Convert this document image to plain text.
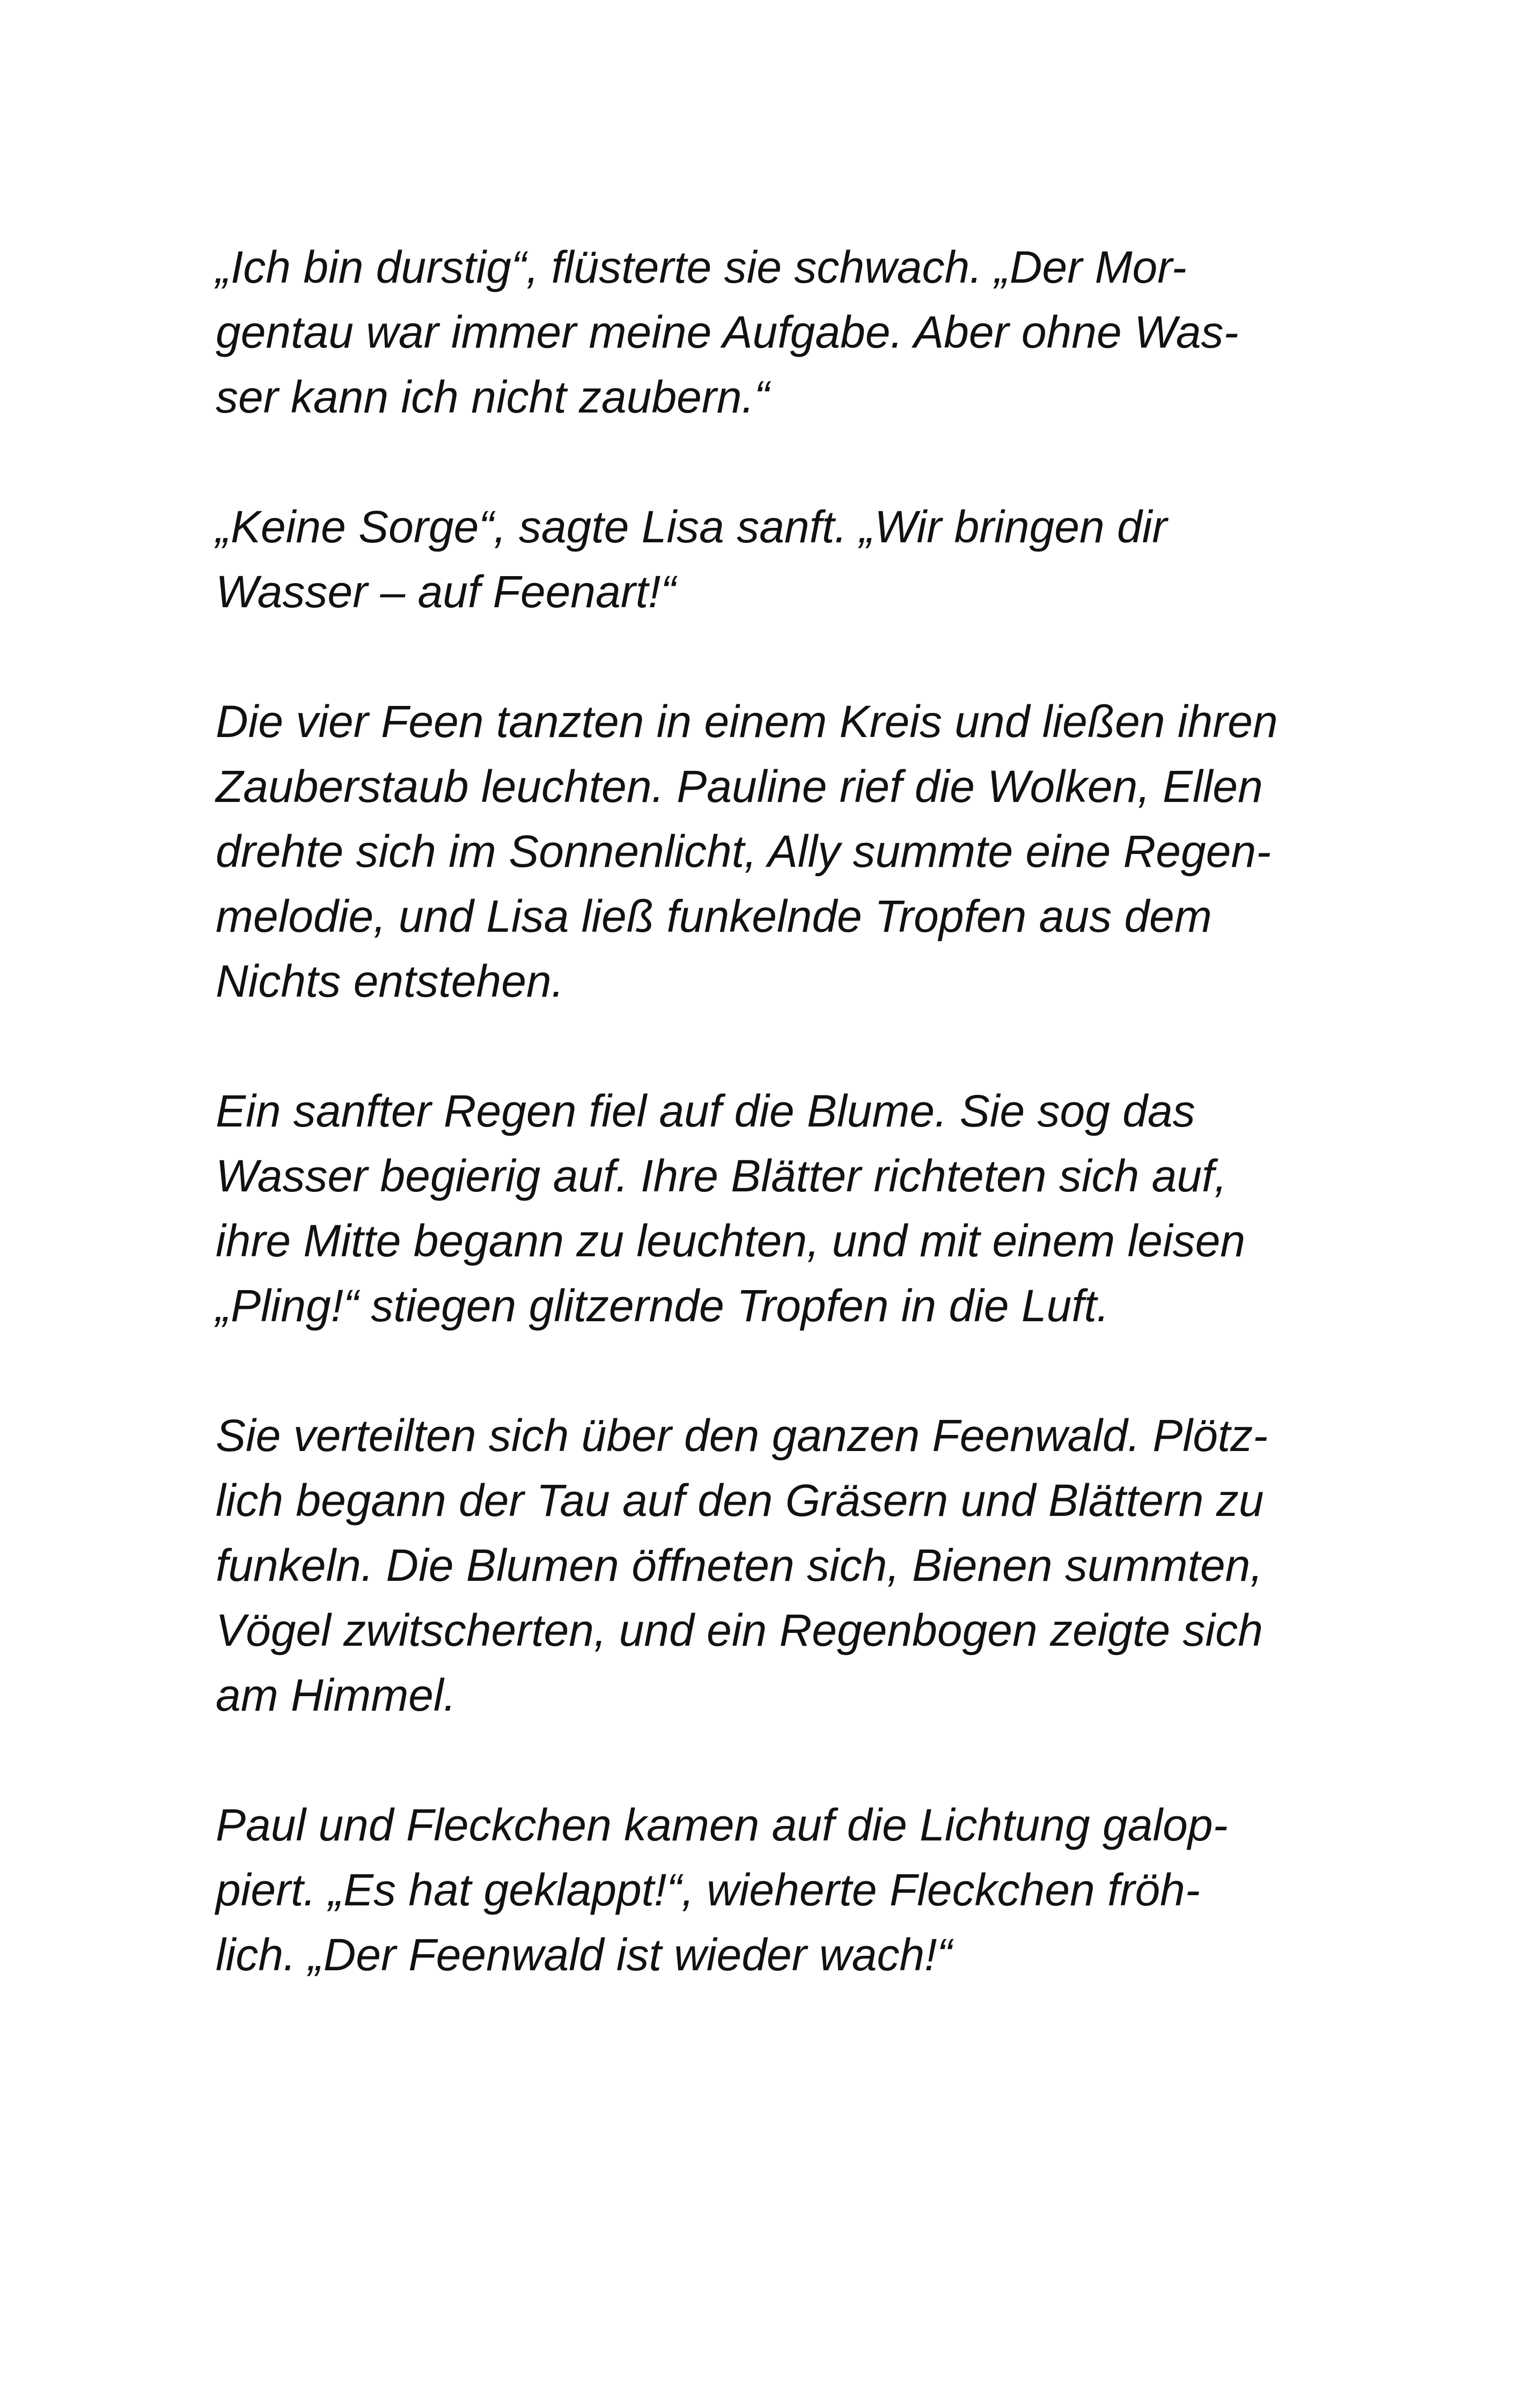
„Ich bin durstig“, flüsterte sie schwach. „Der Mor-
gentau war immer meine Aufgabe. Aber ohne Was-
ser kann ich nicht zaubern.“

„Keine Sorge“, sagte Lisa sanft. „Wir bringen dir
Wasser – auf Feenart!“

Die vier Feen tanzten in einem Kreis und ließen ihren
Zauberstaub leuchten. Pauline rief die Wolken, Ellen
drehte sich im Sonnenlicht, Ally summte eine Regen-
melodie, und Lisa ließ funkelnde Tropfen aus dem
Nichts entstehen.

Ein sanfter Regen fiel auf die Blume. Sie sog das
Wasser begierig auf. Ihre Blätter richteten sich auf,
ihre Mitte begann zu leuchten, und mit einem leisen
„Pling!“ stiegen glitzernde Tropfen in die Luft.

Sie verteilten sich über den ganzen Feenwald. Plötz-
lich begann der Tau auf den Gräsern und Blättern zu
funkeln. Die Blumen öffneten sich, Bienen summten,
Vögel zwitscherten, und ein Regenbogen zeigte sich
am Himmel.

Paul und Fleckchen kamen auf die Lichtung galop-
piert. „Es hat geklappt!“, wieherte Fleckchen fröh-
lich. „Der Feenwald ist wieder wach!“
